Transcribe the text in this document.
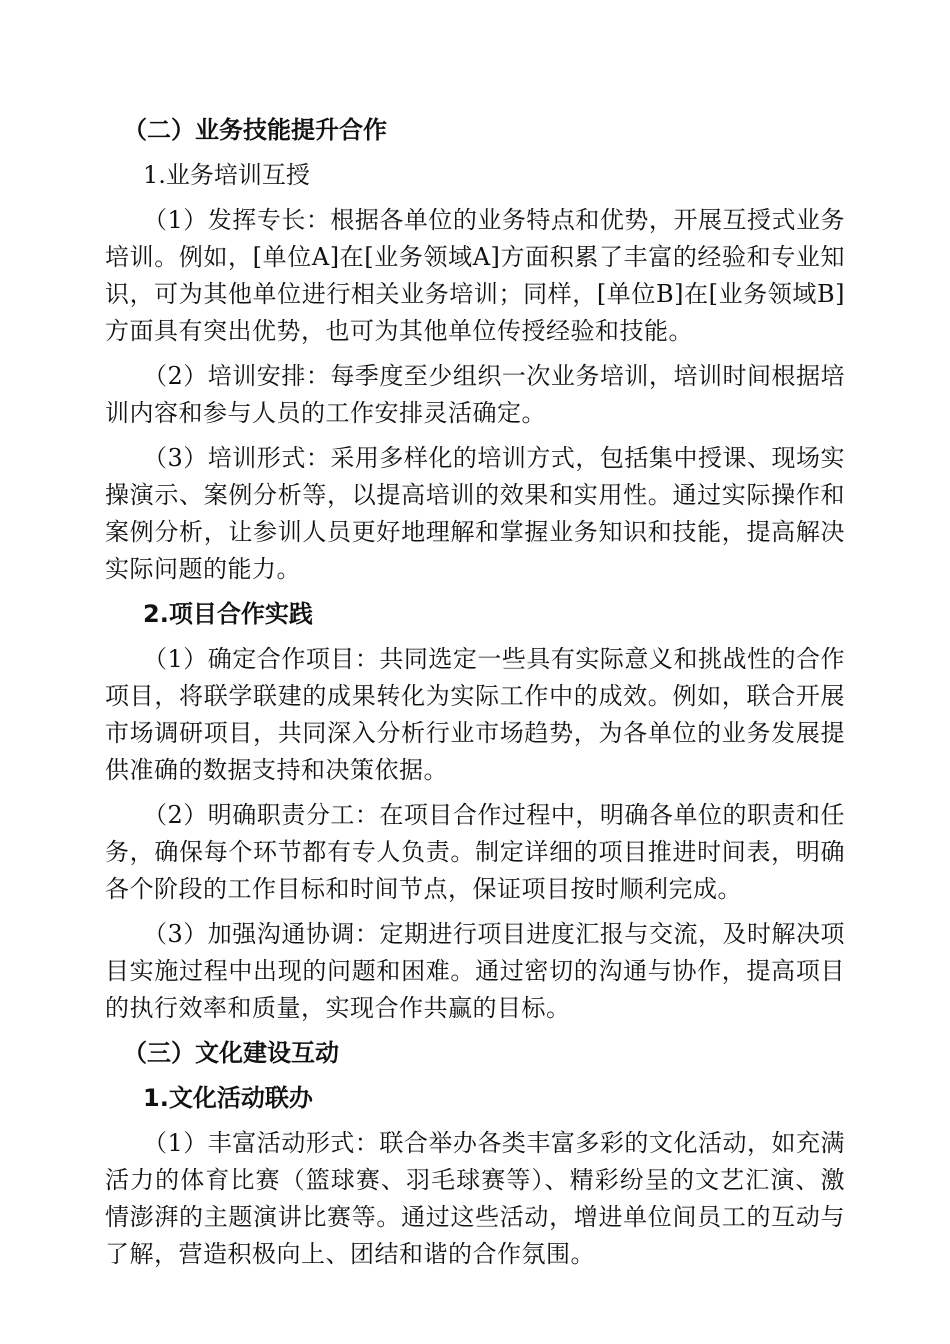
（二）业务技能提升合作
1.业务培训互授

（1）发挥专长：根据各单位的业务特点和优势，开展互授式业务培训。例如，[单位A]在[业务领域A]方面积累了丰富的经验和专业知识，可为其他单位进行相关业务培训；同样，[单位B]在[业务领域B]方面具有突出优势，也可为其他单位传授经验和技能。

（2）培训安排：每季度至少组织一次业务培训，培训时间根据培训内容和参与人员的工作安排灵活确定。

（3）培训形式：采用多样化的培训方式，包括集中授课、现场实操演示、案例分析等，以提高培训的效果和实用性。通过实际操作和案例分析，让参训人员更好地理解和掌握业务知识和技能，提高解决实际问题的能力。

2.项目合作实践

（1）确定合作项目：共同选定一些具有实际意义和挑战性的合作项目，将联学联建的成果转化为实际工作中的成效。例如，联合开展市场调研项目，共同深入分析行业市场趋势，为各单位的业务发展提供准确的数据支持和决策依据。

（2）明确职责分工：在项目合作过程中，明确各单位的职责和任务，确保每个环节都有专人负责。制定详细的项目推进时间表，明确各个阶段的工作目标和时间节点，保证项目按时顺利完成。

（3）加强沟通协调：定期进行项目进度汇报与交流，及时解决项目实施过程中出现的问题和困难。通过密切的沟通与协作，提高项目的执行效率和质量，实现合作共赢的目标。

（三）文化建设互动
1.文化活动联办

（1）丰富活动形式：联合举办各类丰富多彩的文化活动，如充满活力的体育比赛（篮球赛、羽毛球赛等）、精彩纷呈的文艺汇演、激情澎湃的主题演讲比赛等。通过这些活动，增进单位间员工的互动与了解，营造积极向上、团结和谐的合作氛围。
